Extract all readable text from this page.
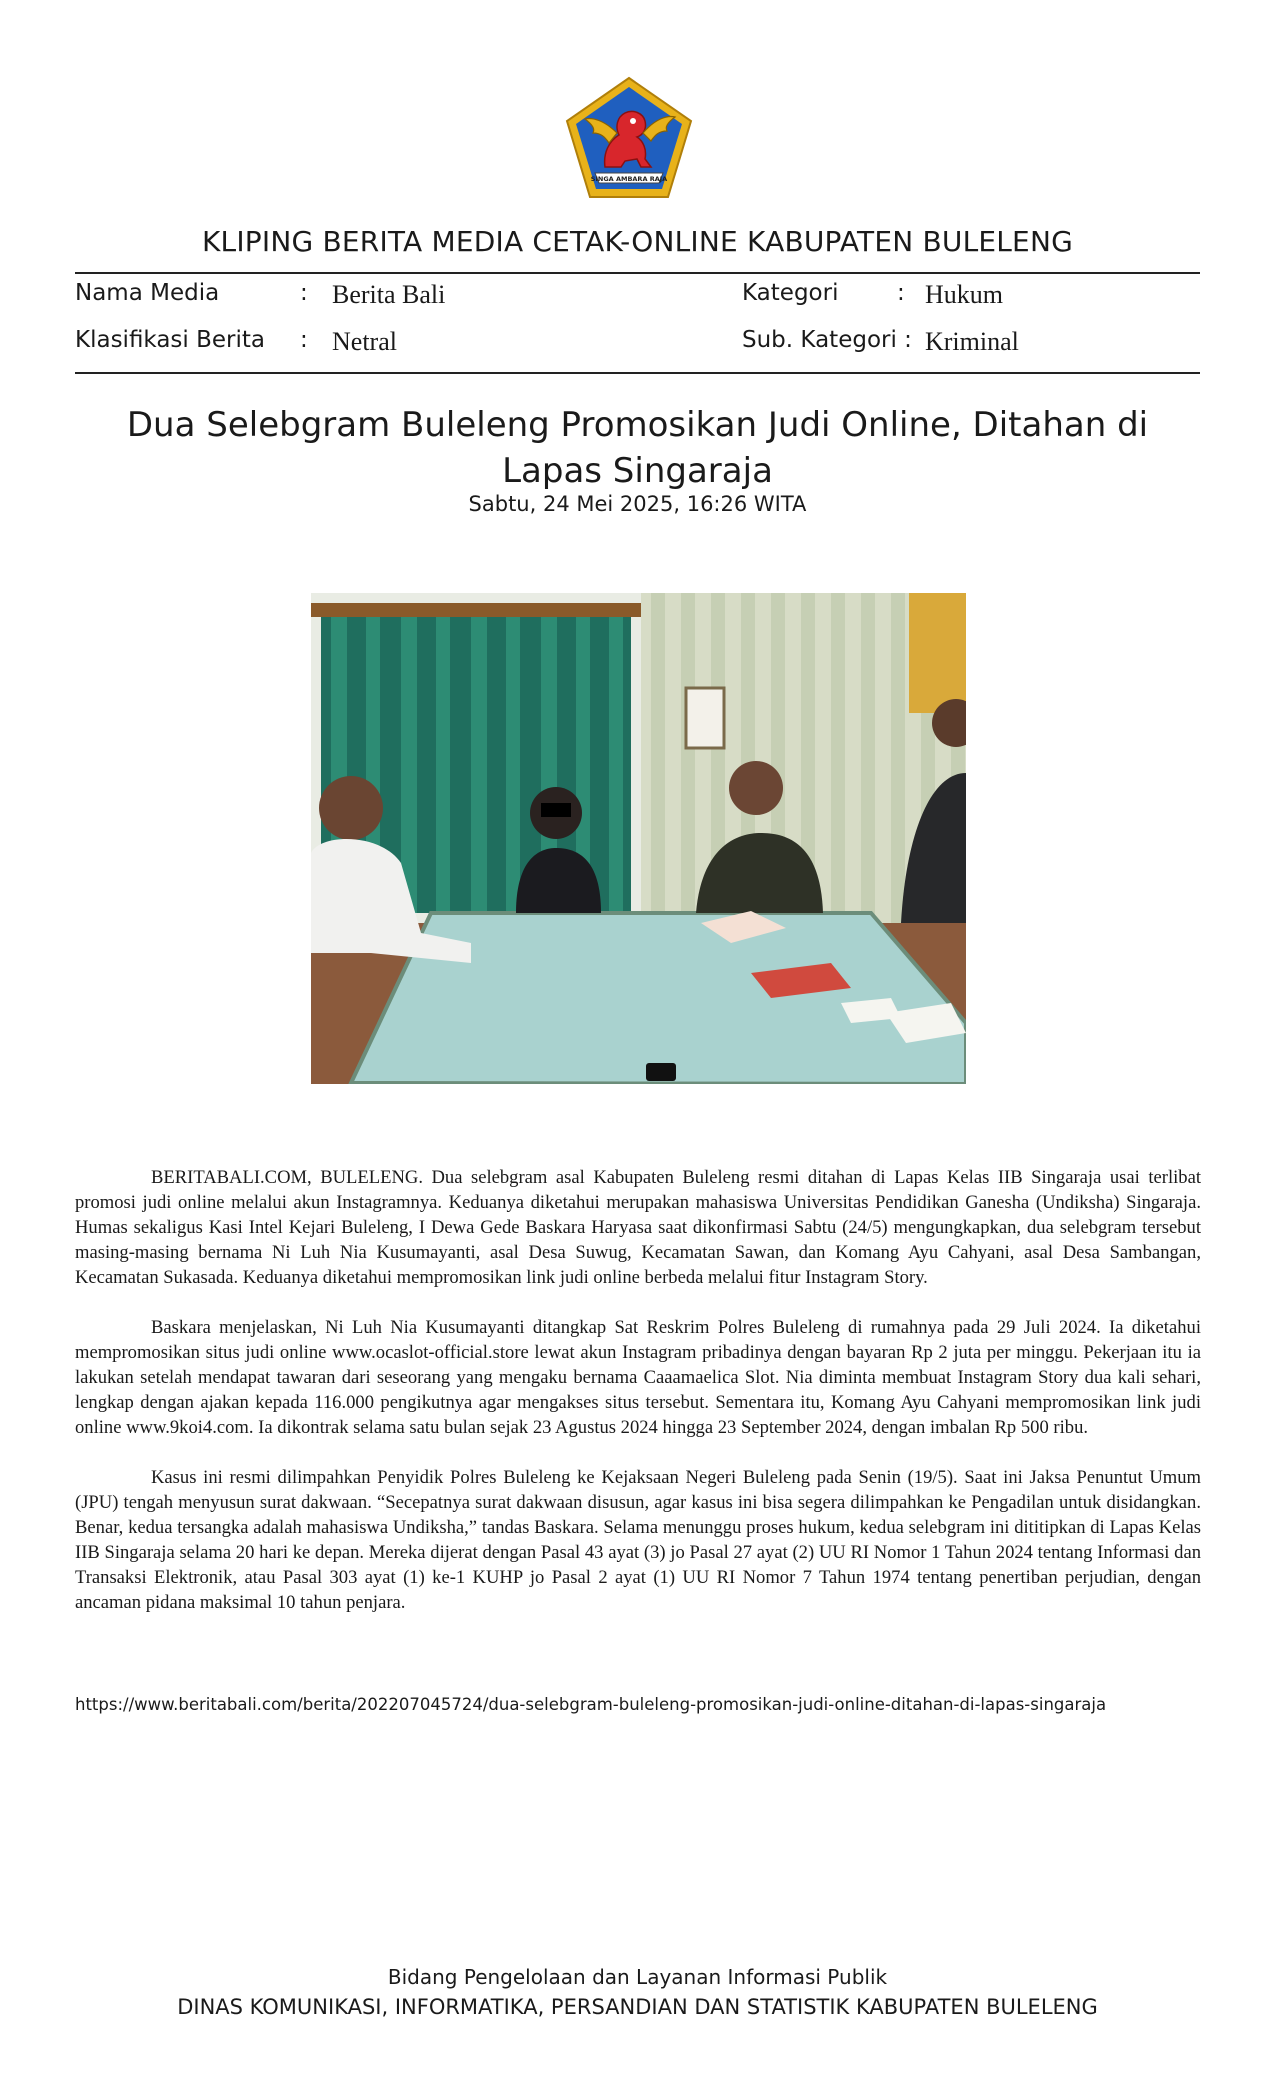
SINGA AMBARA RAJA
KLIPING BERITA MEDIA CETAK-ONLINE KABUPATEN BULELENG
Nama Media	: Berita Bali	Kategori	: Hukum
Klasifikasi Berita : Netral	Sub. Kategori : Kriminal
Dua Selebgram Buleleng Promosikan Judi Online, Ditahan di Lapas Singaraja
Sabtu, 24 Mei 2025, 16:26 WITA

BERITABALI.COM, BULELENG. Dua selebgram asal Kabupaten Buleleng resmi ditahan di Lapas Kelas IIB Singaraja usai terlibat promosi judi online melalui akun Instagramnya. Keduanya diketahui merupakan mahasiswa Universitas Pendidikan Ganesha (Undiksha) Singaraja. Humas sekaligus Kasi Intel Kejari Buleleng, I Dewa Gede Baskara Haryasa saat dikonfirmasi Sabtu (24/5) mengungkapkan, dua selebgram tersebut masing-masing bernama Ni Luh Nia Kusumayanti, asal Desa Suwug, Kecamatan Sawan, dan Komang Ayu Cahyani, asal Desa Sambangan, Kecamatan Sukasada. Keduanya diketahui mempromosikan link judi online berbeda melalui fitur Instagram Story.

Baskara menjelaskan, Ni Luh Nia Kusumayanti ditangkap Sat Reskrim Polres Buleleng di rumahnya pada 29 Juli 2024. Ia diketahui mempromosikan situs judi online www.ocaslot-official.store lewat akun Instagram pribadinya dengan bayaran Rp 2 juta per minggu. Pekerjaan itu ia lakukan setelah mendapat tawaran dari seseorang yang mengaku bernama Caaamaelica Slot. Nia diminta membuat Instagram Story dua kali sehari, lengkap dengan ajakan kepada 116.000 pengikutnya agar mengakses situs tersebut. Sementara itu, Komang Ayu Cahyani mempromosikan link judi online www.9koi4.com. Ia dikontrak selama satu bulan sejak 23 Agustus 2024 hingga 23 September 2024, dengan imbalan Rp 500 ribu.

Kasus ini resmi dilimpahkan Penyidik Polres Buleleng ke Kejaksaan Negeri Buleleng pada Senin (19/5). Saat ini Jaksa Penuntut Umum (JPU) tengah menyusun surat dakwaan. “Secepatnya surat dakwaan disusun, agar kasus ini bisa segera dilimpahkan ke Pengadilan untuk disidangkan. Benar, kedua tersangka adalah mahasiswa Undiksha,” tandas Baskara. Selama menunggu proses hukum, kedua selebgram ini dititipkan di Lapas Kelas IIB Singaraja selama 20 hari ke depan. Mereka dijerat dengan Pasal 43 ayat (3) jo Pasal 27 ayat (2) UU RI Nomor 1 Tahun 2024 tentang Informasi dan Transaksi Elektronik, atau Pasal 303 ayat (1) ke-1 KUHP jo Pasal 2 ayat (1) UU RI Nomor 7 Tahun 1974 tentang penertiban perjudian, dengan ancaman pidana maksimal 10 tahun penjara.

https://www.beritabali.com/berita/202207045724/dua-selebgram-buleleng-promosikan-judi-online-ditahan-di-lapas-singaraja
Bidang Pengelolaan dan Layanan Informasi Publik
DINAS KOMUNIKASI, INFORMATIKA, PERSANDIAN DAN STATISTIK KABUPATEN BULELENG
